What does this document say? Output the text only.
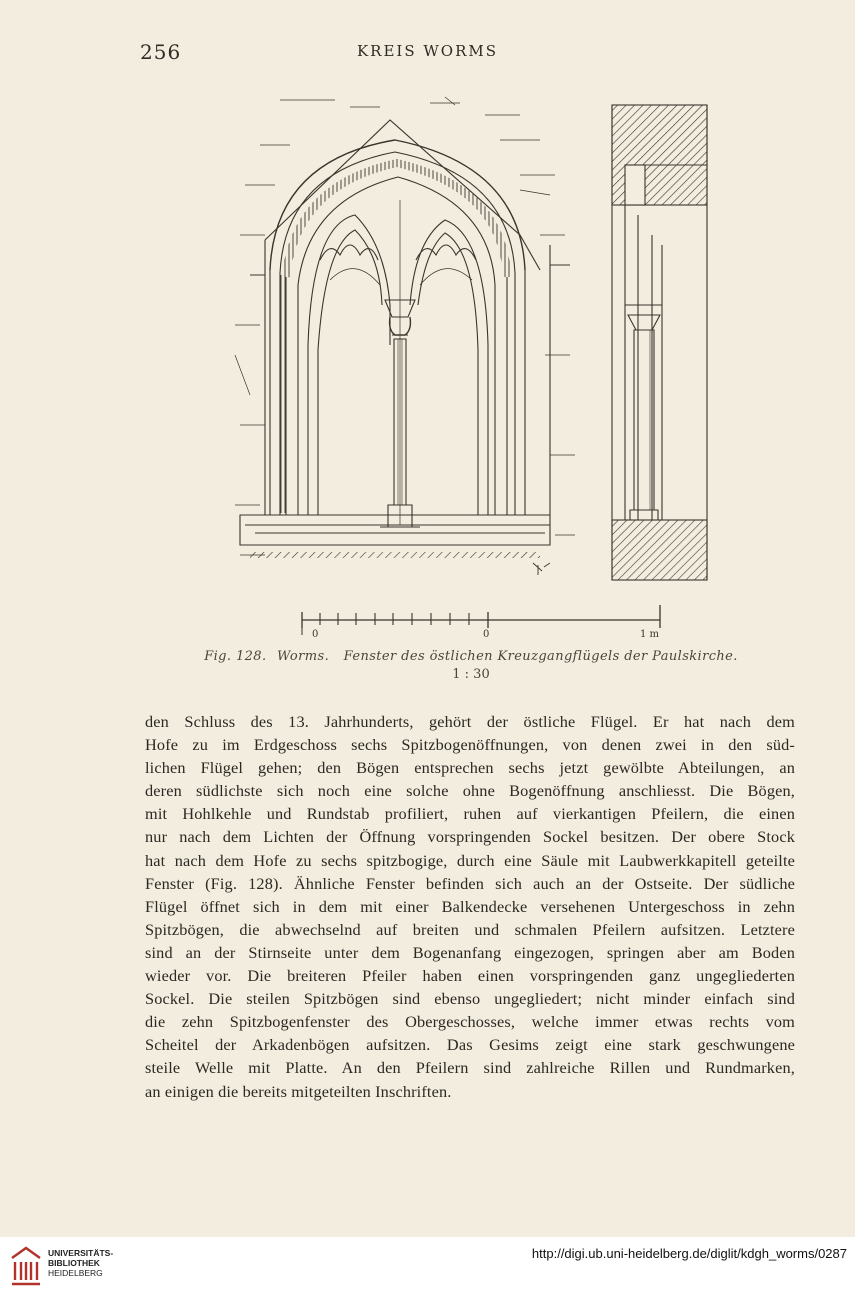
256	KREIS WORMS
0	0	1 m
Fig. 128. Worms. Fenster des östlichen Kreuzgangflügels der Paulskirche.
1 : 30
den Schluss des 13. Jahrhunderts, gehört der östliche Flügel. Er hat nach dem
Hofe zu im Erdgeschoss sechs Spitzbogenöffnungen, von denen zwei in den süd-
lichen Flügel gehen; den Bögen entsprechen sechs jetzt gewölbte Abteilungen, an
deren südlichste sich noch eine solche ohne Bogenöffnung anschliesst. Die Bögen,
mit Hohlkehle und Rundstab profiliert, ruhen auf vierkantigen Pfeilern, die einen
nur nach dem Lichten der Öffnung vorspringenden Sockel besitzen. Der obere Stock
hat nach dem Hofe zu sechs spitzbogige, durch eine Säule mit Laubwerkkapitell geteilte
Fenster (Fig. 128). Ähnliche Fenster befinden sich auch an der Ostseite. Der südliche
Flügel öffnet sich in dem mit einer Balkendecke versehenen Untergeschoss in zehn
Spitzbögen, die abwechselnd auf breiten und schmalen Pfeilern aufsitzen. Letztere
sind an der Stirnseite unter dem Bogenanfang eingezogen, springen aber am Boden
wieder vor. Die breiteren Pfeiler haben einen vorspringenden ganz ungegliederten
Sockel. Die steilen Spitzbögen sind ebenso ungegliedert; nicht minder einfach sind
die zehn Spitzbogenfenster des Obergeschosses, welche immer etwas rechts vom
Scheitel der Arkadenbögen aufsitzen. Das Gesims zeigt eine stark geschwungene
steile Welle mit Platte. An den Pfeilern sind zahlreiche Rillen und Rundmarken,
an einigen die bereits mitgeteilten Inschriften.
UNIVERSITÄTS-
BIBLIOTHEK
HEIDELBERG
http://digi.ub.uni-heidelberg.de/diglit/kdgh_worms/0287
